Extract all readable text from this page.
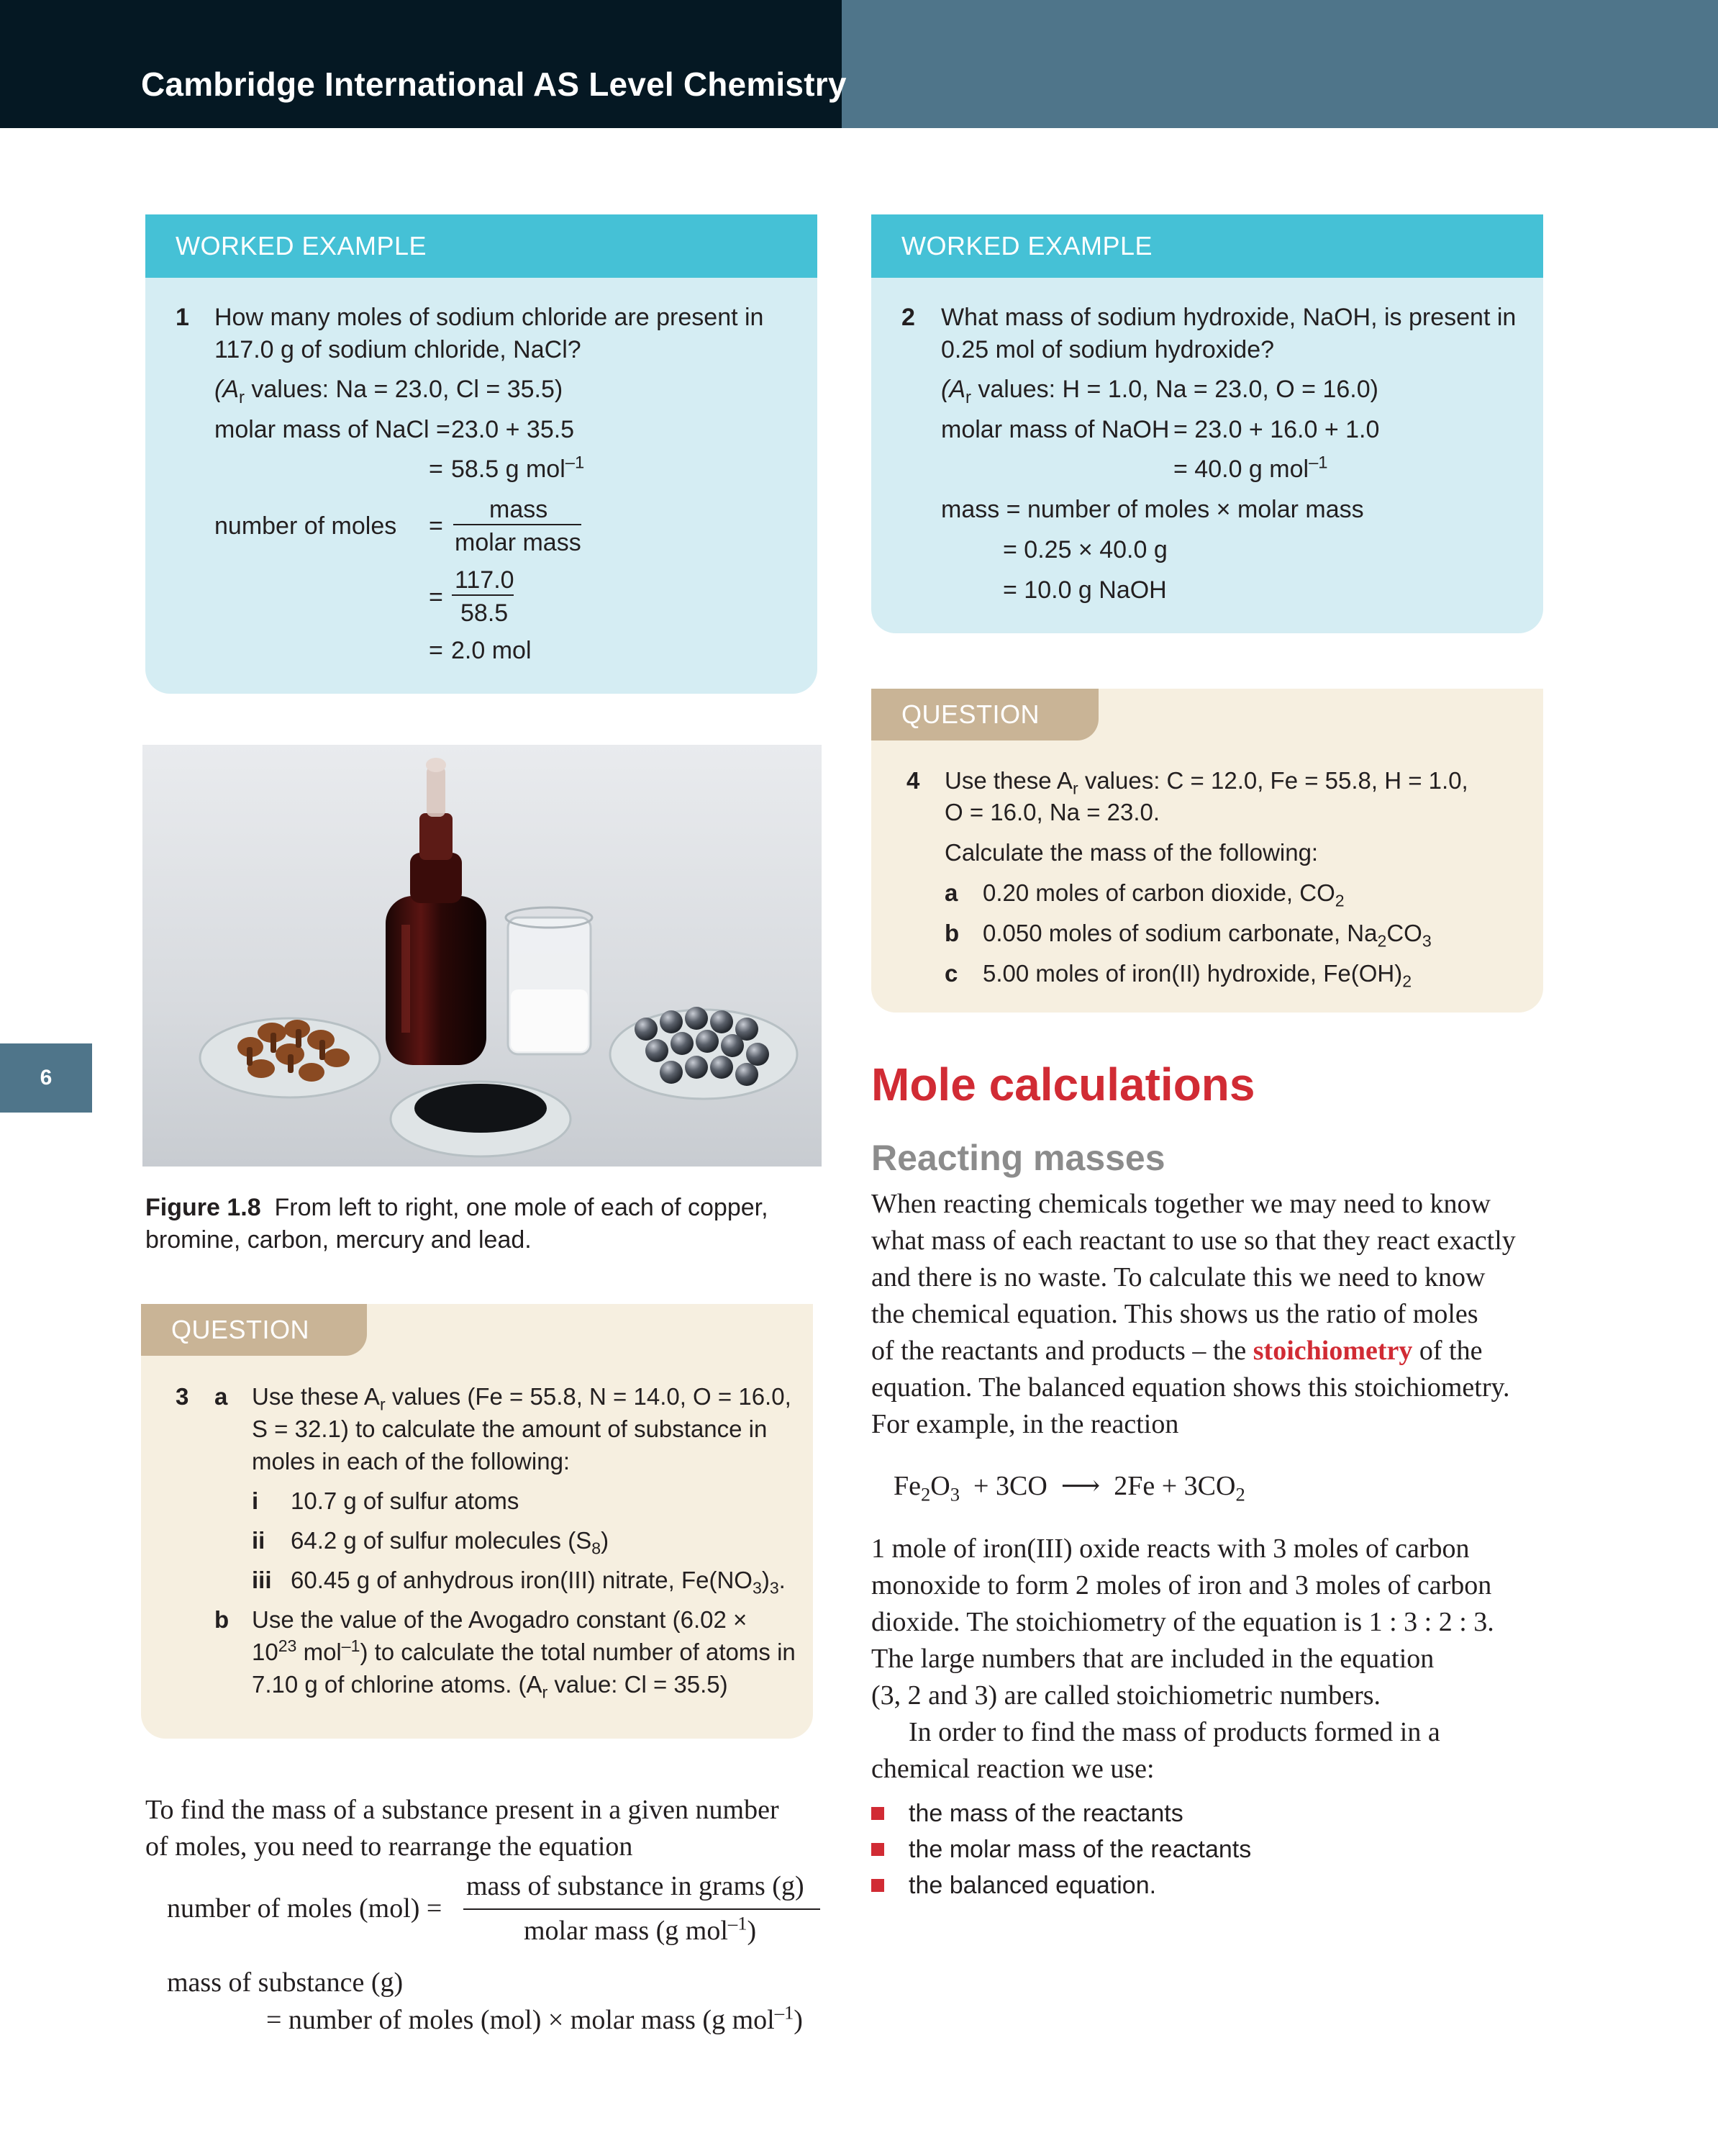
Cambridge International AS Level Chemistry
6
WORKED EXAMPLE
1 How many moles of sodium chloride are present in
117.0 g of sodium chloride, NaCl?
($A_r$ values: Na = 23.0, Cl = 35.5)
molar mass of NaCl = 23.0 + 35.5
= 58.5 g mol$^{-1}$
number of moles =
mass
molar mass
=
117.0
58.5
= 2.0 mol
WORKED EXAMPLE
2 What mass of sodium hydroxide, NaOH, is present in
0.25 mol of sodium hydroxide?
($A_r$ values: H = 1.0, Na = 23.0, O = 16.0)
molar mass of NaOH = 23.0 + 16.0 + 1.0
= 40.0 g mol$^{-1}$
mass = number of moles × molar mass
= 0.25 × 40.0 g
= 10.0 g NaOH
QUESTION
4 Use these $A_r$ values: C = 12.0, Fe = 55.8, H = 1.0,
O = 16.0, Na = 23.0.
Calculate the mass of the following:
a 0.20 moles of carbon dioxide, $CO_2$
b 0.050 moles of sodium carbonate, $Na_2CO_3$
c 5.00 moles of iron(II) hydroxide, $Fe(OH)_2$
Figure 1.8 From left to right, one mole of each of copper,
bromine, carbon, mercury and lead.
QUESTION
3 a Use these $A_r$ values (Fe = 55.8, N = 14.0, O = 16.0,
S = 32.1) to calculate the amount of substance in
moles in each of the following:
i 10.7 g of sulfur atoms
ii 64.2 g of sulfur molecules $(S_8)$
iii 60.45 g of anhydrous iron(III) nitrate, $Fe(NO_3)_3$.
b Use the value of the Avogadro constant (6.02 ×
$10^{23}$ mol$^{-1}$) to calculate the total number of atoms in
7.10 g of chlorine atoms. ($A_r$ value: Cl = 35.5)
To find the mass of a substance present in a given number
of moles, you need to rearrange the equation
number of moles (mol) =
mass of substance in grams (g)
molar mass (g mol$^{-1}$)
mass of substance (g)
= number of moles (mol) × molar mass (g mol$^{-1}$)
Mole calculations
Reacting masses
When reacting chemicals together we may need to know
what mass of each reactant to use so that they react exactly
and there is no waste. To calculate this we need to know
the chemical equation. This shows us the ratio of moles
of the reactants and products – the stoichiometry of the
equation. The balanced equation shows this stoichiometry.
For example, in the reaction
$Fe_2O_3 + 3CO$ ⟶ $2Fe + 3CO_2$
1 mole of iron(III) oxide reacts with 3 moles of carbon
monoxide to form 2 moles of iron and 3 moles of carbon
dioxide. The stoichiometry of the equation is 1 : 3 : 2 : 3.
The large numbers that are included in the equation
(3, 2 and 3) are called stoichiometric numbers.
In order to find the mass of products formed in a
chemical reaction we use:
the mass of the reactants
the molar mass of the reactants
the balanced equation.
